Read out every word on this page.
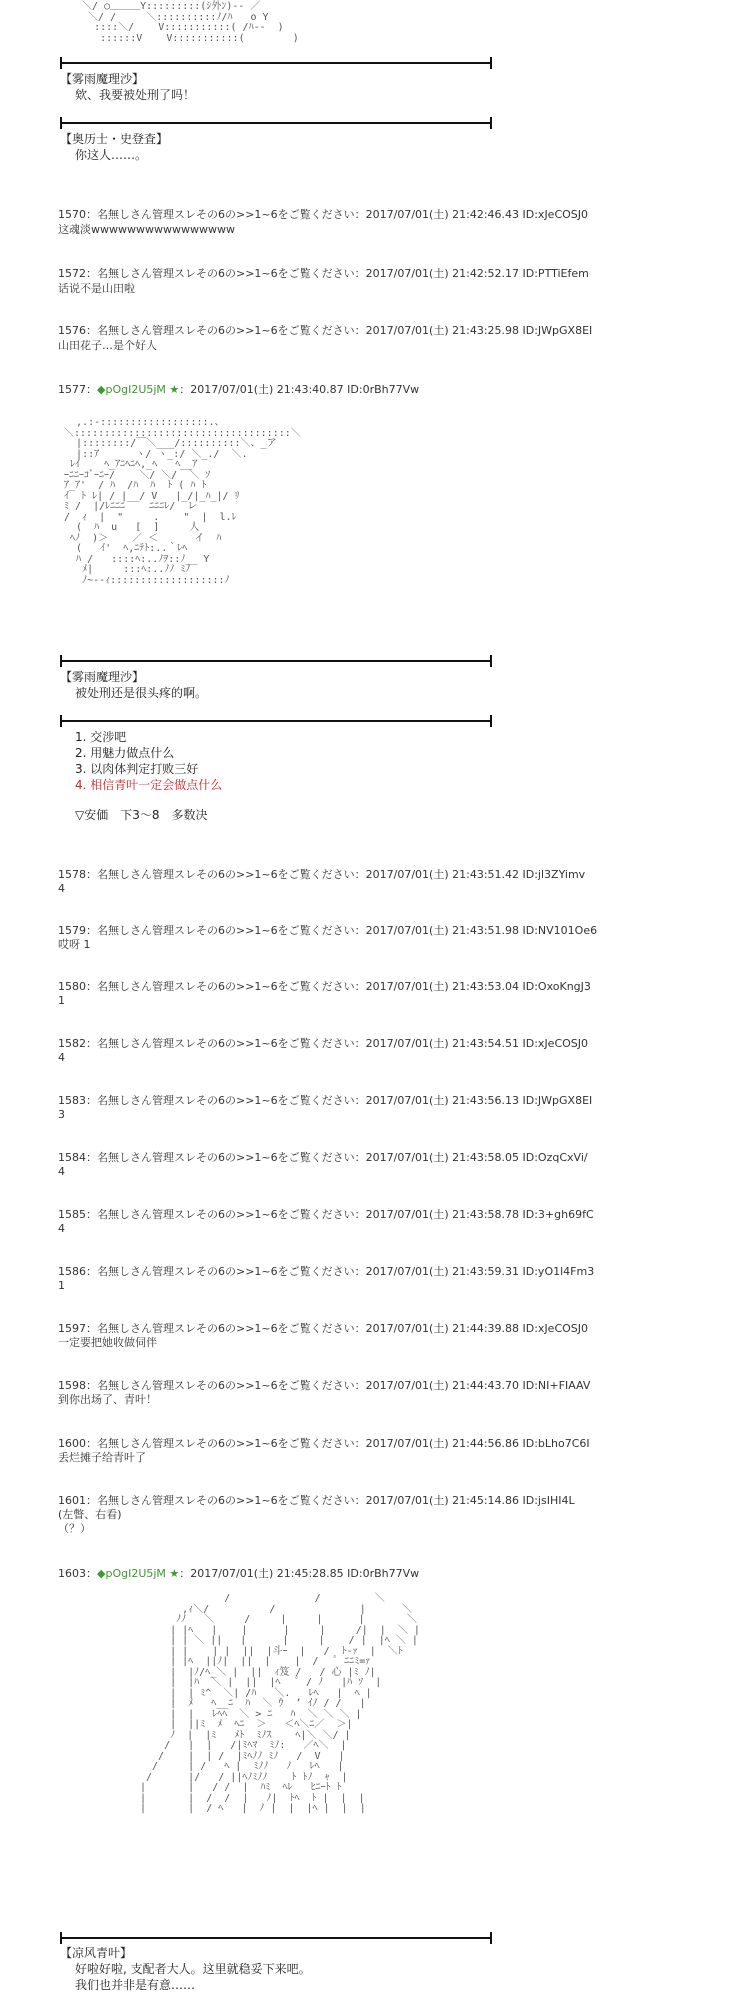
＼/ ○＿＿＿Y:::::::::(ｼ外ﾝ)-- ／
＼/ /     ＼::::::::::ﾉ/ﾊ   o Y
::::＼/    V:::::::::::( /ﾊ--  )
::::::V    V:::::::::::(        )
【雾雨魔理沙】
欸、我要被处刑了吗！
【奥历士・史登査】
你这人……。
1570：名無しさん管理スレその6の>>1~6をご覧ください：2017/07/01(土) 21:42:46.43 ID:xJeCOSJ0
这魂淡wwwwwwwwwwwwwwww
1572：名無しさん管理スレその6の>>1~6をご覧ください：2017/07/01(土) 21:42:52.17 ID:PTTiEfem
话说不是山田啦
1576：名無しさん管理スレその6の>>1~6をご覧ください：2017/07/01(土) 21:43:25.98 ID:JWpGX8EI
山田花子…是个好人
1577：◆pOgI2U5jM ★：2017/07/01(土) 21:43:40.87 ID:0rBh77Vw
,.:-::::::::::::::::::.、
＼::::::::::::::::::::::::::::::::::::＼
|::::::::/￣＼___/::::::::::＼、_ア
|::ｱ      ヽ/ ヽ_:/ ＼_./  ＼.
ﾚｲ    ﾍ_ｱﾆﾍﾆﾍ,_ﾍ   ﾍ__ｱ
ｰﾆﾆｰｺﾞｰﾆｰ/    ＼/ ＼/  ＼ ｿ
ｱ_ｱ'  / ﾊ  /ﾊ  ﾊ  ﾄ ( ﾊ ﾄ
ｲ  ﾄ ﾚ| / |__/ V   |_/|_ﾊ_|/ ﾘ
ﾐ /  |/ﾚﾆﾆﾆ    ﾆﾆﾆﾚ/  レ
/  ｨ  |  "     .    "  |  l.ﾚ
(  ﾊ  u   [  ]     人
ﾍﾉ  )＞    ／ ＜      イ  ﾊ
(   ｲ'  ﾍ,ﾆﾃﾄ:..｀ﾚﾍ
ﾊ /   ::::ﾍ:..ﾉｦ::ﾉ__ Y
ﾒ|     :::ﾍ:..ﾉﾉ ﾐﾉ
ﾉ~--ｨ:::::::::::::::::::ﾉ
【雾雨魔理沙】
被处刑还是很头疼的啊。
1. 交涉吧
2. 用魅力做点什么
3. 以肉体判定打败三好
4. 相信青叶一定会做点什么
▽安価　下3～8　多数决
1578：名無しさん管理スレその6の>>1~6をご覧ください：2017/07/01(土) 21:43:51.42 ID:jl3ZYimv
4
1579：名無しさん管理スレその6の>>1~6をご覧ください：2017/07/01(土) 21:43:51.98 ID:NV101Oe6
哎呀 1
1580：名無しさん管理スレその6の>>1~6をご覧ください：2017/07/01(土) 21:43:53.04 ID:OxoKngJ3
1
1582：名無しさん管理スレその6の>>1~6をご覧ください：2017/07/01(土) 21:43:54.51 ID:xJeCOSJ0
4
1583：名無しさん管理スレその6の>>1~6をご覧ください：2017/07/01(土) 21:43:56.13 ID:JWpGX8EI
3
1584：名無しさん管理スレその6の>>1~6をご覧ください：2017/07/01(土) 21:43:58.05 ID:OzqCxVi/
4
1585：名無しさん管理スレその6の>>1~6をご覧ください：2017/07/01(土) 21:43:58.78 ID:3+gh69fC
4
1586：名無しさん管理スレその6の>>1~6をご覧ください：2017/07/01(土) 21:43:59.31 ID:yO1l4Fm3
1
1597：名無しさん管理スレその6の>>1~6をご覧ください：2017/07/01(土) 21:44:39.88 ID:xJeCOSJ0
一定要把她收做伺伴
1598：名無しさん管理スレその6の>>1~6をご覧ください：2017/07/01(土) 21:44:43.70 ID:NI+FIAAV
到你出场了、青叶！
1600：名無しさん管理スレその6の>>1~6をご覧ください：2017/07/01(土) 21:44:56.86 ID:bLho7C6I
丢烂摊子给青叶了
1601：名無しさん管理スレその6の>>1~6をご覧ください：2017/07/01(土) 21:45:14.86 ID:jsIHI4L
(左瞥、右看)
（？）
1603：◆pOgI2U5jM ★：2017/07/01(土) 21:45:28.85 ID:0rBh77Vw
/              /         ＼
,ｨ＼/          /              |      ＼
ﾉﾉ   ＼     /     |     |      |       ＼
| |ﾍ   |    |      |     |     /|  |  ＼ |
| | ＼ ||   |      |     |    / |  |ﾍ ＼ |
| |    | |  ||  |斗ｰ  |   /  ﾄ-ｧ  |  ＼ﾄ
| |ﾍ  ||ﾉ|  ||  |    |  /   ﾟ ﾆﾆﾐ=ｧ
|  |ﾉ/ﾍ_＼ |  ||  ｨ笈 /   / 心 |ﾐ ﾉ|
|  |ﾊ  ＼ |  ||  |ﾍ   ﾟ / ﾉ   |ﾊ ｿ  |
|  | ﾐ^  ＼| /ﾊ   ＼.   ﾚﾍ   |  ﾍ |
|  ﾒ   ﾍ__ﾆ  ﾊ  ＼ ｳ  ’ ｲﾉ / /   |
|  |   ﾚﾍﾍ  ＼ > ﾆ   ﾊ  ＼ ＼ ＼ |
|  ||ﾐ  ﾒ  ﾍﾆ  ＞   ＜ﾍ＼ﾆ／  ＞|
ﾉ  |  |ﾐ   ﾒﾄ  ﾐﾉｽ    ﾍ|＼ ＼/ |
/   |  |   /|ﾐﾍﾏ  ﾐﾉ:   ／ﾍ＼  |
/    |  | /  |ﾐﾍﾉﾉ ﾐﾉ   /  V   |
/     | /   ﾍ |  ﾐﾉﾉ   ﾉ   ﾚﾍ   |
/      |/   / ||ﾍﾉﾐﾉﾉ    ﾄ ﾄﾉ  ｬ  |
|       |   / /  |  ﾊﾐ  ﾍﾚ   ﾋﾆｰﾄ ﾄ
|       |  /  /  |   ﾉ|  ﾄﾍ  ﾄ |  |  |
|       |  / ﾍ   |  ﾉ |  |  |ﾍ |  |  |
【凉风青叶】
好啦好啦, 支配者大人。这里就稳妥下来吧。
我们也并非是有意……
